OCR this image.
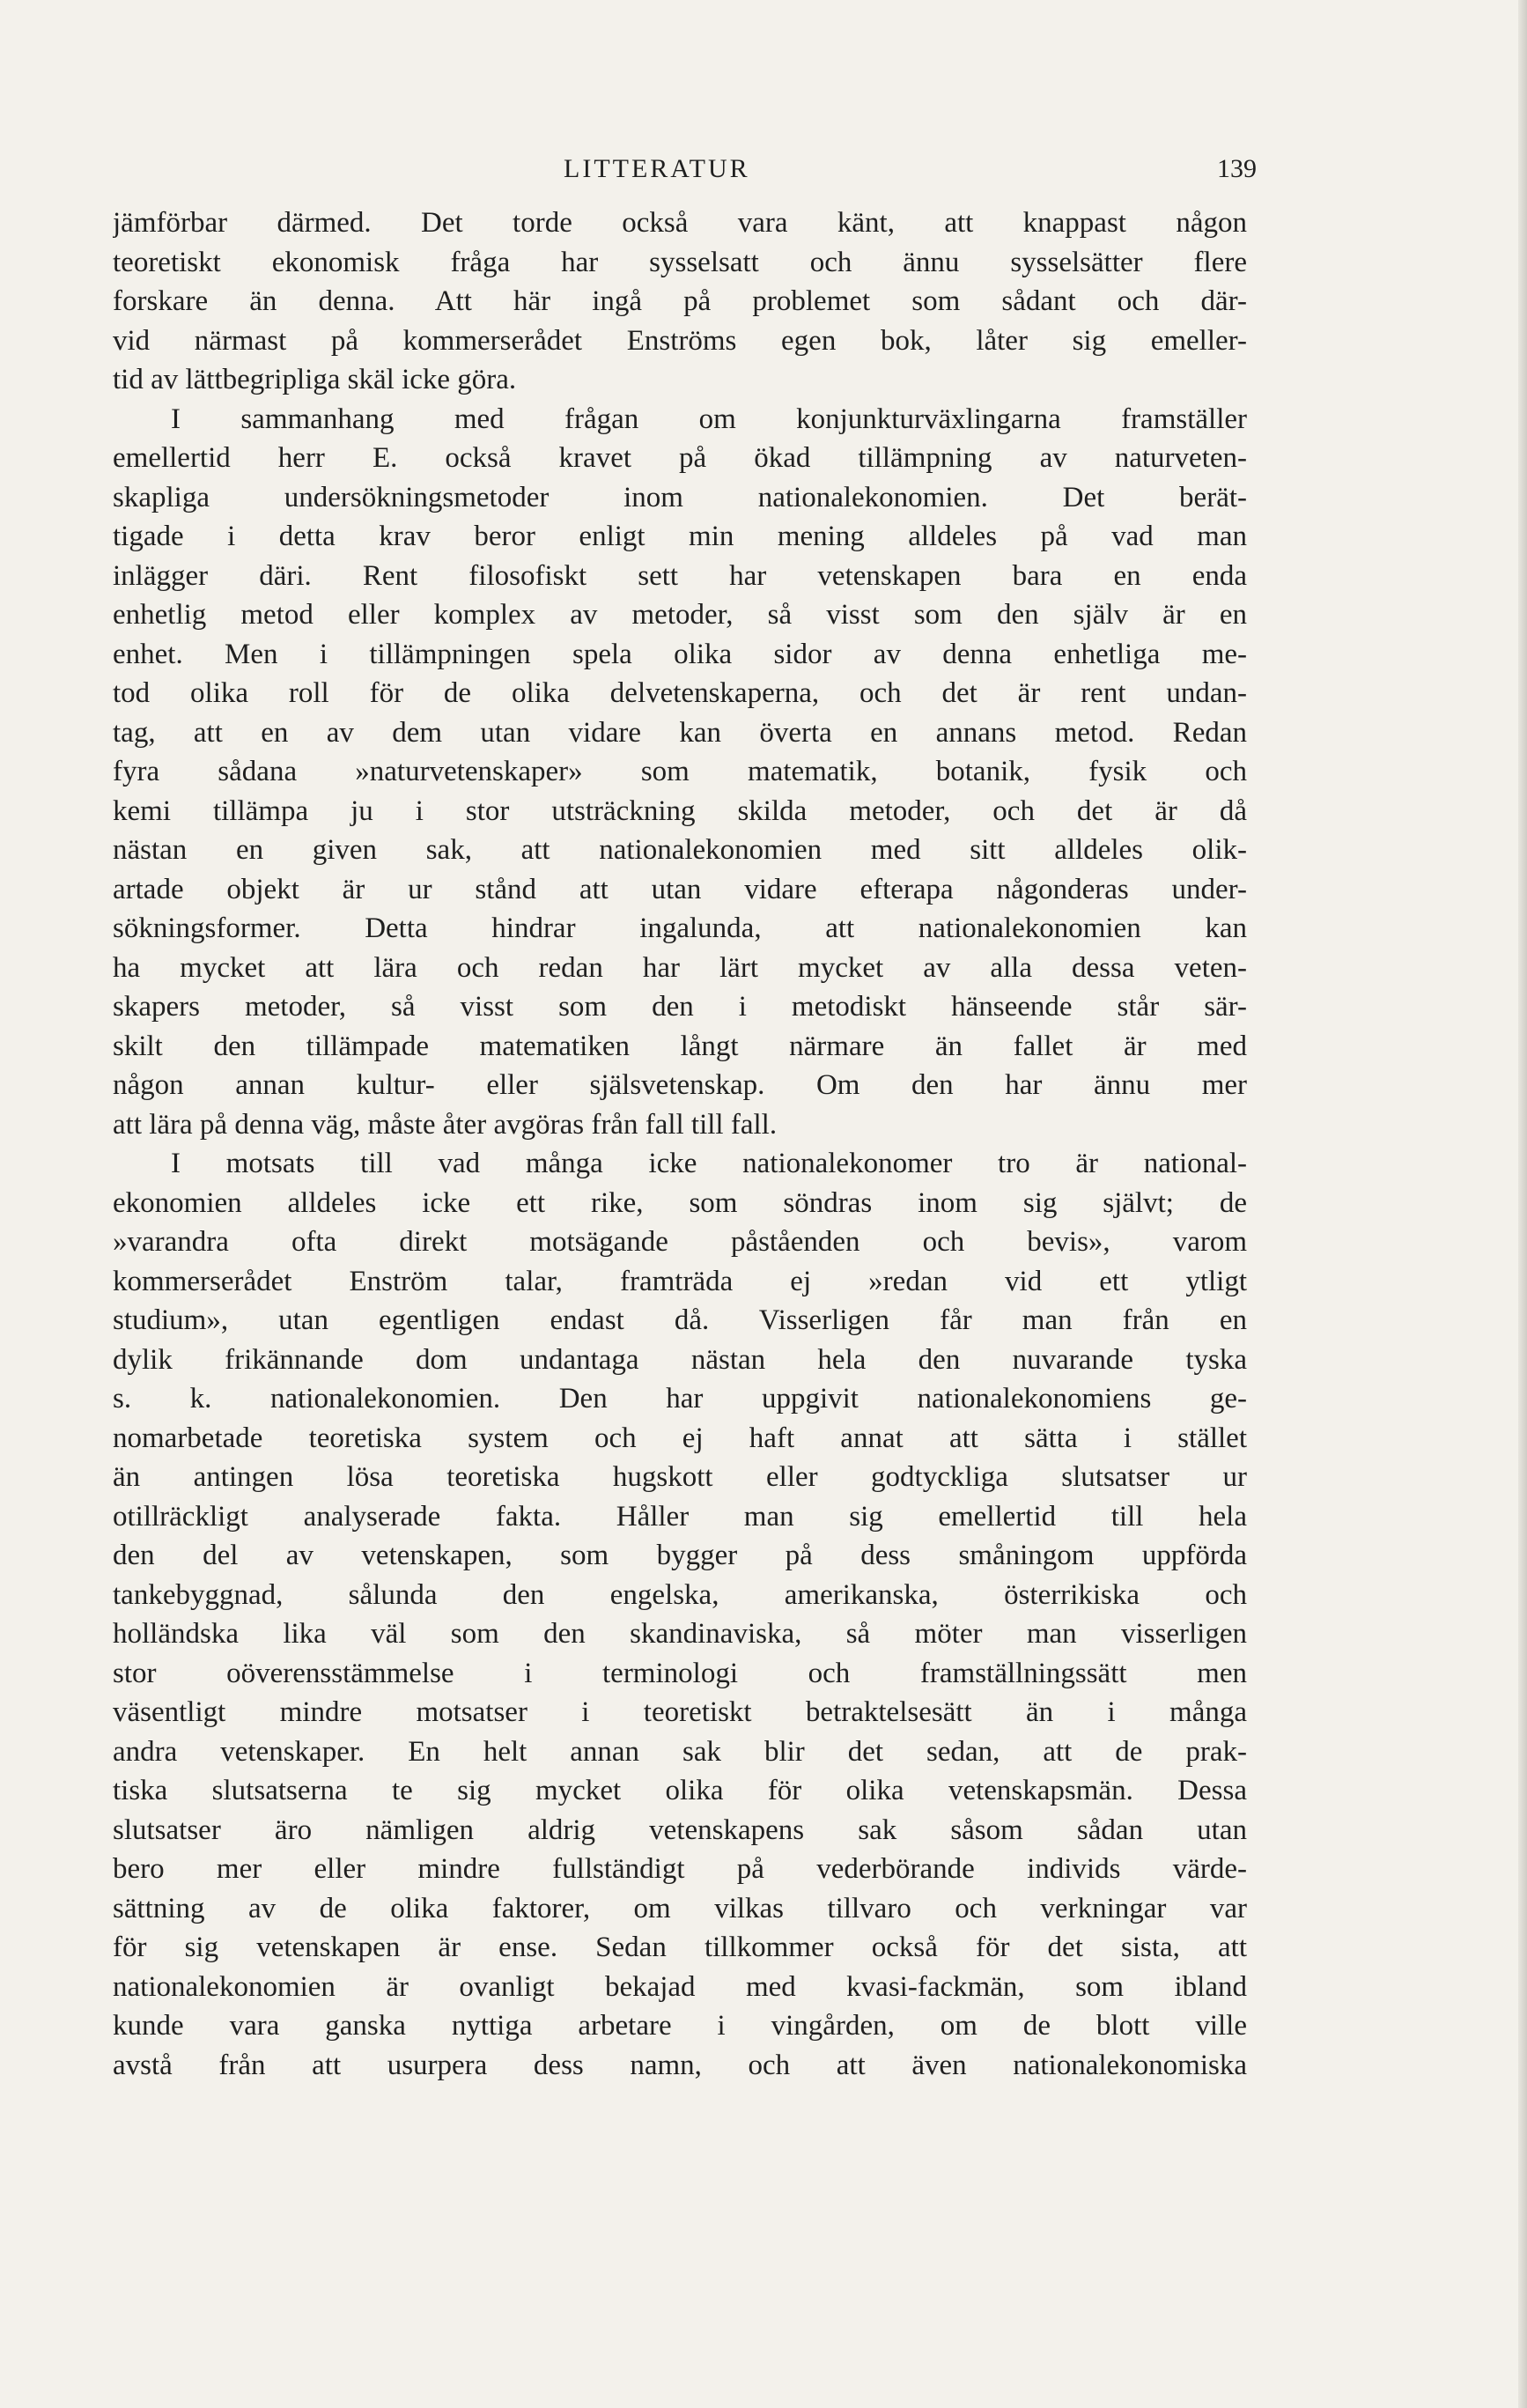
LITTERATUR	139
jämförbar därmed. Det torde också vara känt, att knappast någon
teoretiskt ekonomisk fråga har sysselsatt och ännu sysselsätter flere
forskare än denna. Att här ingå på problemet som sådant och där-
vid närmast på kommerserådet Enströms egen bok, låter sig emeller-
tid av lättbegripliga skäl icke göra.
I sammanhang med frågan om konjunkturväxlingarna framställer
emellertid herr E. också kravet på ökad tillämpning av naturveten-
skapliga undersökningsmetoder inom nationalekonomien. Det berät-
tigade i detta krav beror enligt min mening alldeles på vad man
inlägger däri. Rent filosofiskt sett har vetenskapen bara en enda
enhetlig metod eller komplex av metoder, så visst som den själv är en
enhet. Men i tillämpningen spela olika sidor av denna enhetliga me-
tod olika roll för de olika delvetenskaperna, och det är rent undan-
tag, att en av dem utan vidare kan överta en annans metod. Redan
fyra sådana »naturvetenskaper» som matematik, botanik, fysik och
kemi tillämpa ju i stor utsträckning skilda metoder, och det är då
nästan en given sak, att nationalekonomien med sitt alldeles olik-
artade objekt är ur stånd att utan vidare efterapa någonderas under-
sökningsformer. Detta hindrar ingalunda, att nationalekonomien kan
ha mycket att lära och redan har lärt mycket av alla dessa veten-
skapers metoder, så visst som den i metodiskt hänseende står sär-
skilt den tillämpade matematiken långt närmare än fallet är med
någon annan kultur- eller själsvetenskap. Om den har ännu mer
att lära på denna väg, måste åter avgöras från fall till fall.
I motsats till vad många icke nationalekonomer tro är national-
ekonomien alldeles icke ett rike, som söndras inom sig självt; de
»varandra ofta direkt motsägande påståenden och bevis», varom
kommerserådet Enström talar, framträda ej »redan vid ett ytligt
studium», utan egentligen endast då. Visserligen får man från en
dylik frikännande dom undantaga nästan hela den nuvarande tyska
s. k. nationalekonomien. Den har uppgivit nationalekonomiens ge-
nomarbetade teoretiska system och ej haft annat att sätta i stället
än antingen lösa teoretiska hugskott eller godtyckliga slutsatser ur
otillräckligt analyserade fakta. Håller man sig emellertid till hela
den del av vetenskapen, som bygger på dess småningom uppförda
tankebyggnad, sålunda den engelska, amerikanska, österrikiska och
holländska lika väl som den skandinaviska, så möter man visserligen
stor oöverensstämmelse i terminologi och framställningssätt men
väsentligt mindre motsatser i teoretiskt betraktelsesätt än i många
andra vetenskaper. En helt annan sak blir det sedan, att de prak-
tiska slutsatserna te sig mycket olika för olika vetenskapsmän. Dessa
slutsatser äro nämligen aldrig vetenskapens sak såsom sådan utan
bero mer eller mindre fullständigt på vederbörande individs värde-
sättning av de olika faktorer, om vilkas tillvaro och verkningar var
för sig vetenskapen är ense. Sedan tillkommer också för det sista, att
nationalekonomien är ovanligt bekajad med kvasi-fackmän, som ibland
kunde vara ganska nyttiga arbetare i vingården, om de blott ville
avstå från att usurpera dess namn, och att även nationalekonomiska
